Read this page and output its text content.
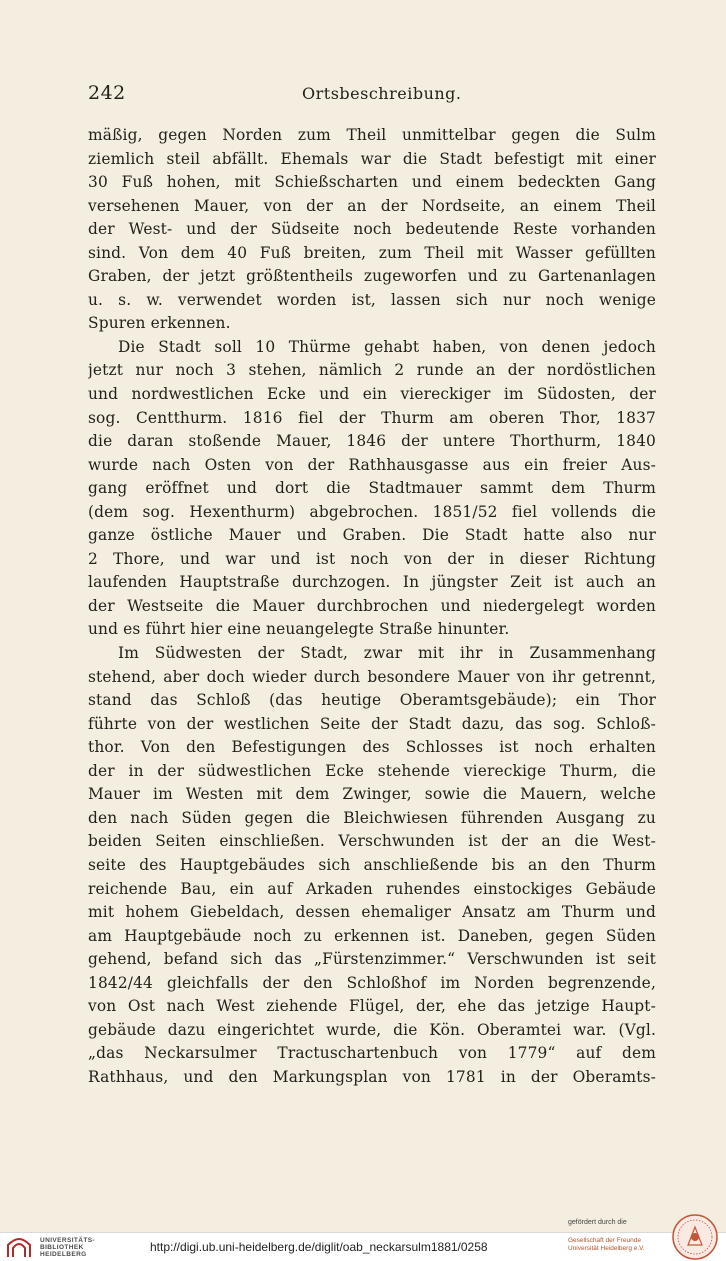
242	Ortsbeschreibung.
mäßig, gegen Norden zum Theil unmittelbar gegen die Sulm
ziemlich steil abfällt. Ehemals war die Stadt befestigt mit einer
30 Fuß hohen, mit Schießscharten und einem bedeckten Gang
versehenen Mauer, von der an der Nordseite, an einem Theil
der West- und der Südseite noch bedeutende Reste vorhanden
sind. Von dem 40 Fuß breiten, zum Theil mit Wasser gefüllten
Graben, der jetzt größtentheils zugeworfen und zu Gartenanlagen
u. s. w. verwendet worden ist, lassen sich nur noch wenige
Spuren erkennen.
Die Stadt soll 10 Thürme gehabt haben, von denen jedoch
jetzt nur noch 3 stehen, nämlich 2 runde an der nordöstlichen
und nordwestlichen Ecke und ein viereckiger im Südosten, der
sog. Centthurm. 1816 fiel der Thurm am oberen Thor, 1837
die daran stoßende Mauer, 1846 der untere Thorthurm, 1840
wurde nach Osten von der Rathhausgasse aus ein freier Aus-
gang eröffnet und dort die Stadtmauer sammt dem Thurm
(dem sog. Hexenthurm) abgebrochen. 1851/52 fiel vollends die
ganze östliche Mauer und Graben. Die Stadt hatte also nur
2 Thore, und war und ist noch von der in dieser Richtung
laufenden Hauptstraße durchzogen. In jüngster Zeit ist auch an
der Westseite die Mauer durchbrochen und niedergelegt worden
und es führt hier eine neuangelegte Straße hinunter.
Im Südwesten der Stadt, zwar mit ihr in Zusammenhang
stehend, aber doch wieder durch besondere Mauer von ihr getrennt,
stand das Schloß (das heutige Oberamtsgebäude); ein Thor
führte von der westlichen Seite der Stadt dazu, das sog. Schloß-
thor. Von den Befestigungen des Schlosses ist noch erhalten
der in der südwestlichen Ecke stehende viereckige Thurm, die
Mauer im Westen mit dem Zwinger, sowie die Mauern, welche
den nach Süden gegen die Bleichwiesen führenden Ausgang zu
beiden Seiten einschließen. Verschwunden ist der an die West-
seite des Hauptgebäudes sich anschließende bis an den Thurm
reichende Bau, ein auf Arkaden ruhendes einstockiges Gebäude
mit hohem Giebeldach, dessen ehemaliger Ansatz am Thurm und
am Hauptgebäude noch zu erkennen ist. Daneben, gegen Süden
gehend, befand sich das „Fürstenzimmer.“ Verschwunden ist seit
1842/44 gleichfalls der den Schloßhof im Norden begrenzende,
von Ost nach West ziehende Flügel, der, ehe das jetzige Haupt-
gebäude dazu eingerichtet wurde, die Kön. Oberamtei war. (Vgl.
„das Neckarsulmer Tractuschartenbuch von 1779“ auf dem
Rathhaus, und den Markungsplan von 1781 in der Oberamts-
UNIVERSITÄTS-
BIBLIOTHEK
HEIDELBERG
http://digi.ub.uni-heidelberg.de/diglit/oab_neckarsulm1881/0258
gefördert durch die
Gesellschaft der Freunde
Universität Heidelberg e.V.
